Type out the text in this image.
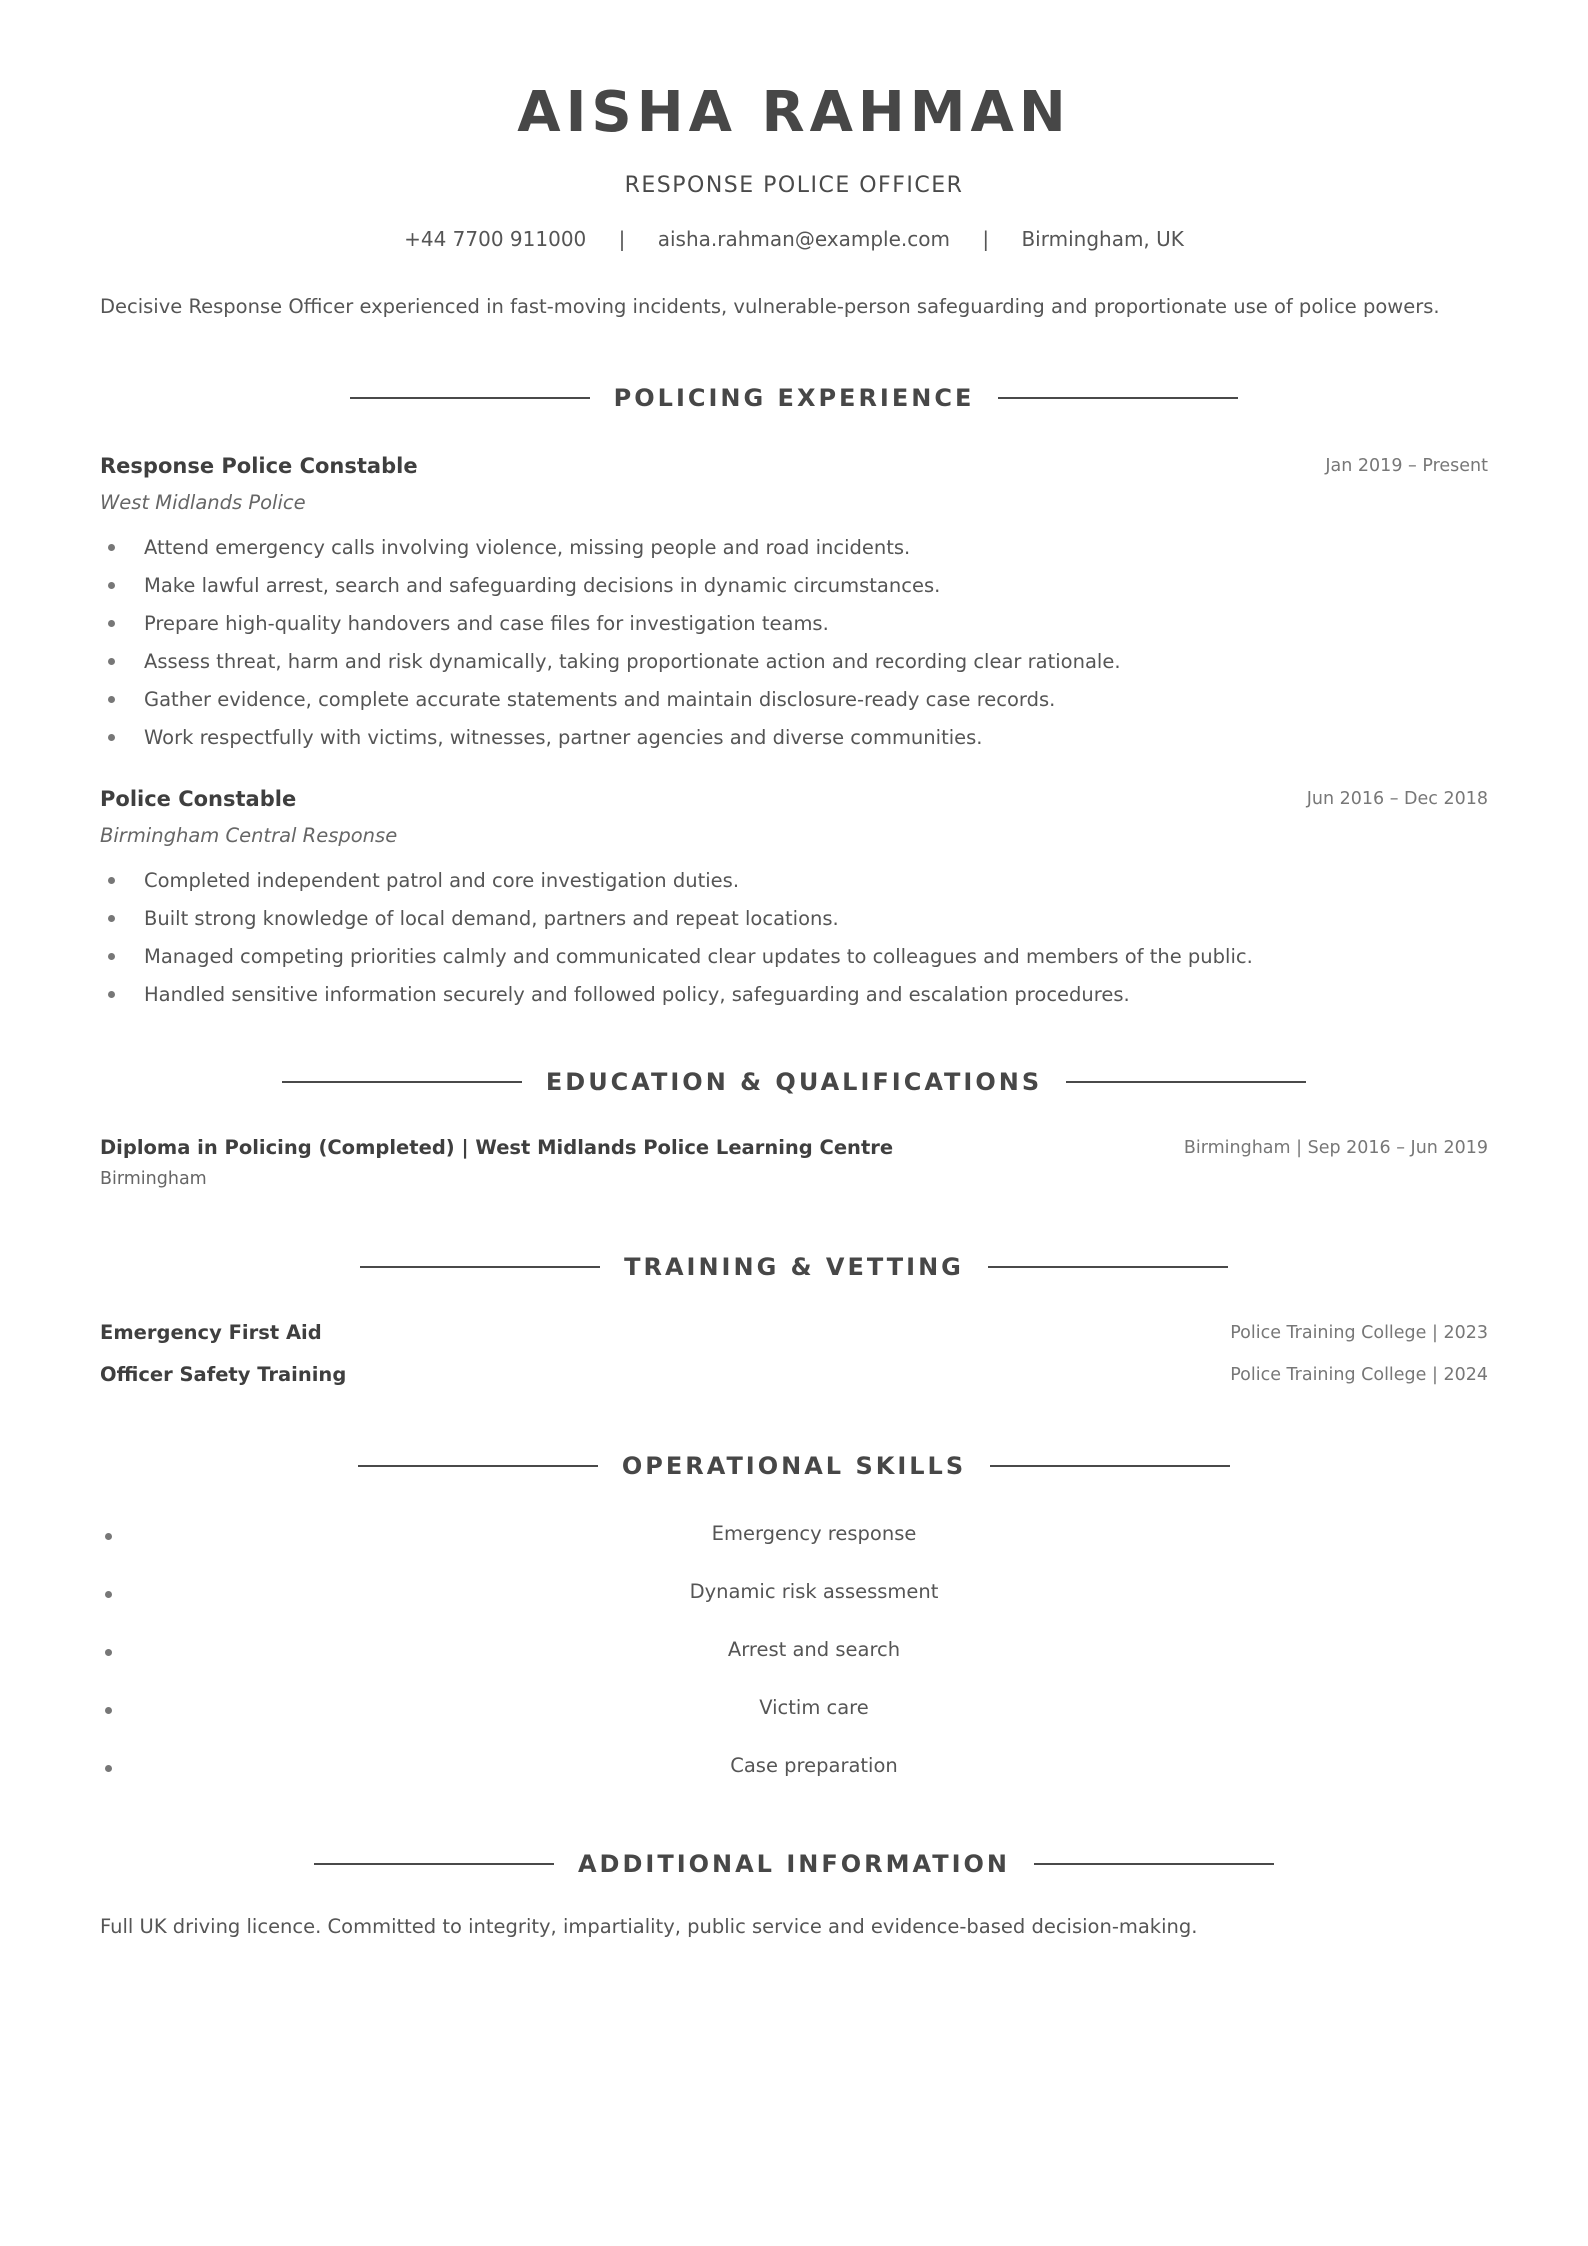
AISHA RAHMAN
RESPONSE POLICE OFFICER
+44 7700 911000 | aisha.rahman@example.com | Birmingham, UK
Decisive Response Officer experienced in fast-moving incidents, vulnerable-person safeguarding and proportionate use of police powers.
POLICING EXPERIENCE
Response Police Constable	Jan 2019 – Present
West Midlands Police
Attend emergency calls involving violence, missing people and road incidents.
Make lawful arrest, search and safeguarding decisions in dynamic circumstances.
Prepare high-quality handovers and case files for investigation teams.
Assess threat, harm and risk dynamically, taking proportionate action and recording clear rationale.
Gather evidence, complete accurate statements and maintain disclosure-ready case records.
Work respectfully with victims, witnesses, partner agencies and diverse communities.
Police Constable	Jun 2016 – Dec 2018
Birmingham Central Response
Completed independent patrol and core investigation duties.
Built strong knowledge of local demand, partners and repeat locations.
Managed competing priorities calmly and communicated clear updates to colleagues and members of the public.
Handled sensitive information securely and followed policy, safeguarding and escalation procedures.
EDUCATION & QUALIFICATIONS
Diploma in Policing (Completed) | West Midlands Police Learning Centre	Birmingham | Sep 2016 – Jun 2019
Birmingham
TRAINING & VETTING
Emergency First Aid	Police Training College | 2023
Officer Safety Training	Police Training College | 2024
OPERATIONAL SKILLS
Emergency response
Dynamic risk assessment
Arrest and search
Victim care
Case preparation
ADDITIONAL INFORMATION
Full UK driving licence. Committed to integrity, impartiality, public service and evidence-based decision-making.
